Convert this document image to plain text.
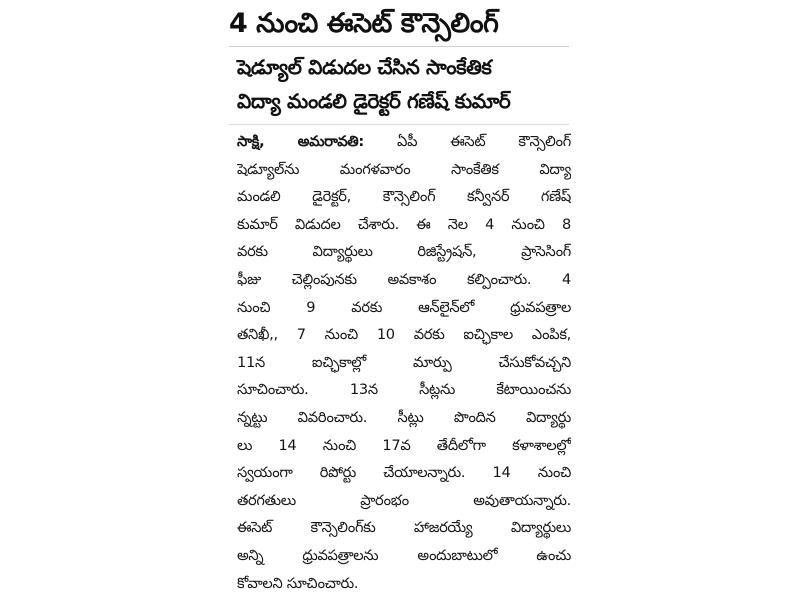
4 నుంచి ఈసెట్ కౌన్సెలింగ్
షెడ్యూల్ విడుదల చేసిన సాంకేతిక
విద్యా మండలి డైరెక్టర్ గణేష్ కుమార్
సాక్షి, అమరావతి: ఏపీ ఈసెట్ కౌన్సెలింగ్
షెడ్యూల్‌ను మంగళవారం సాంకేతిక విద్యా
మండలి డైరెక్టర్, కౌన్సెలింగ్ కన్వీనర్ గణేష్
కుమార్ విడుదల చేశారు. ఈ నెల 4 నుంచి 8
వరకు విద్యార్థులు రిజిస్ట్రేషన్, ప్రాసెసింగ్
ఫీజు చెల్లింపునకు అవకాశం కల్పించారు. 4
నుంచి 9 వరకు ఆన్‌లైన్‌లో ధ్రువపత్రాల
తనిఖీ,, 7 నుంచి 10 వరకు ఐచ్ఛికాల ఎంపిక,
11న ఐచ్ఛికాల్లో మార్పు చేసుకోవచ్చని
సూచించారు. 13న సీట్లను కేటాయించను
న్నట్టు వివరించారు. సీట్లు పొందిన విద్యార్థు
లు 14 నుంచి 17వ తేదీలోగా కళాశాలల్లో
స్వయంగా రిపోర్టు చేయాలన్నారు. 14 నుంచి
తరగతులు ప్రారంభం అవుతాయన్నారు.
ఈసెట్ కౌన్సెలింగ్‌కు హాజరయ్యే విద్యార్థులు
అన్ని ధ్రువపత్రాలను అందుబాటులో ఉంచు
కోవాలని సూచించారు.
